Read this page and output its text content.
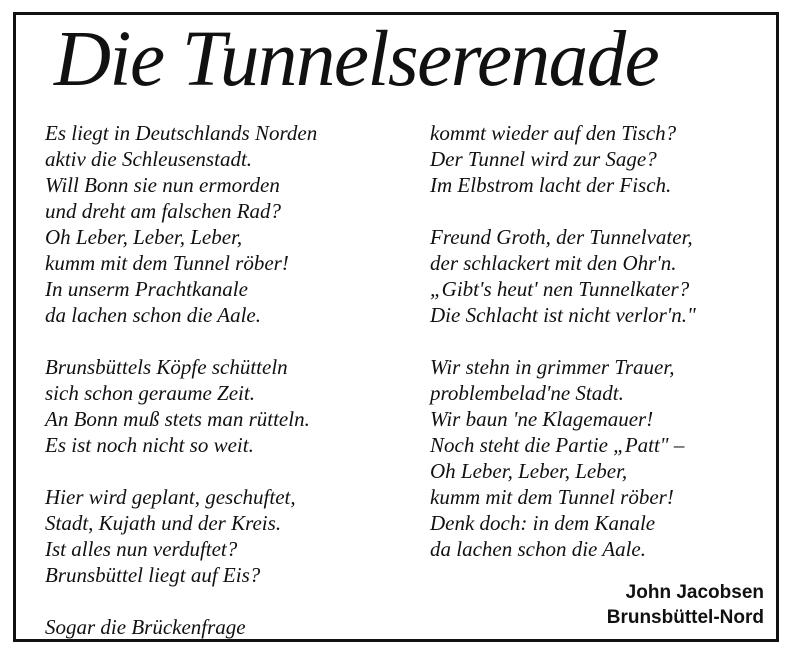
Die Tunnelserenade
Es liegt in Deutschlands Norden
aktiv die Schleusenstadt.
Will Bonn sie nun ermorden
und dreht am falschen Rad?
Oh Leber, Leber, Leber,
kumm mit dem Tunnel röber!
In unserm Prachtkanale
da lachen schon die Aale.
Brunsbüttels Köpfe schütteln
sich schon geraume Zeit.
An Bonn muß stets man rütteln.
Es ist noch nicht so weit.
Hier wird geplant, geschuftet,
Stadt, Kujath und der Kreis.
Ist alles nun verduftet?
Brunsbüttel liegt auf Eis?
Sogar die Brückenfrage
kommt wieder auf den Tisch?
Der Tunnel wird zur Sage?
Im Elbstrom lacht der Fisch.
Freund Groth, der Tunnelvater,
der schlackert mit den Ohr'n.
„Gibt's heut' nen Tunnelkater?
Die Schlacht ist nicht verlor'n."
Wir stehn in grimmer Trauer,
problembelad'ne Stadt.
Wir baun 'ne Klagemauer!
Noch steht die Partie „Patt" –
Oh Leber, Leber, Leber,
kumm mit dem Tunnel röber!
Denk doch: in dem Kanale
da lachen schon die Aale.
John Jacobsen
Brunsbüttel-Nord
